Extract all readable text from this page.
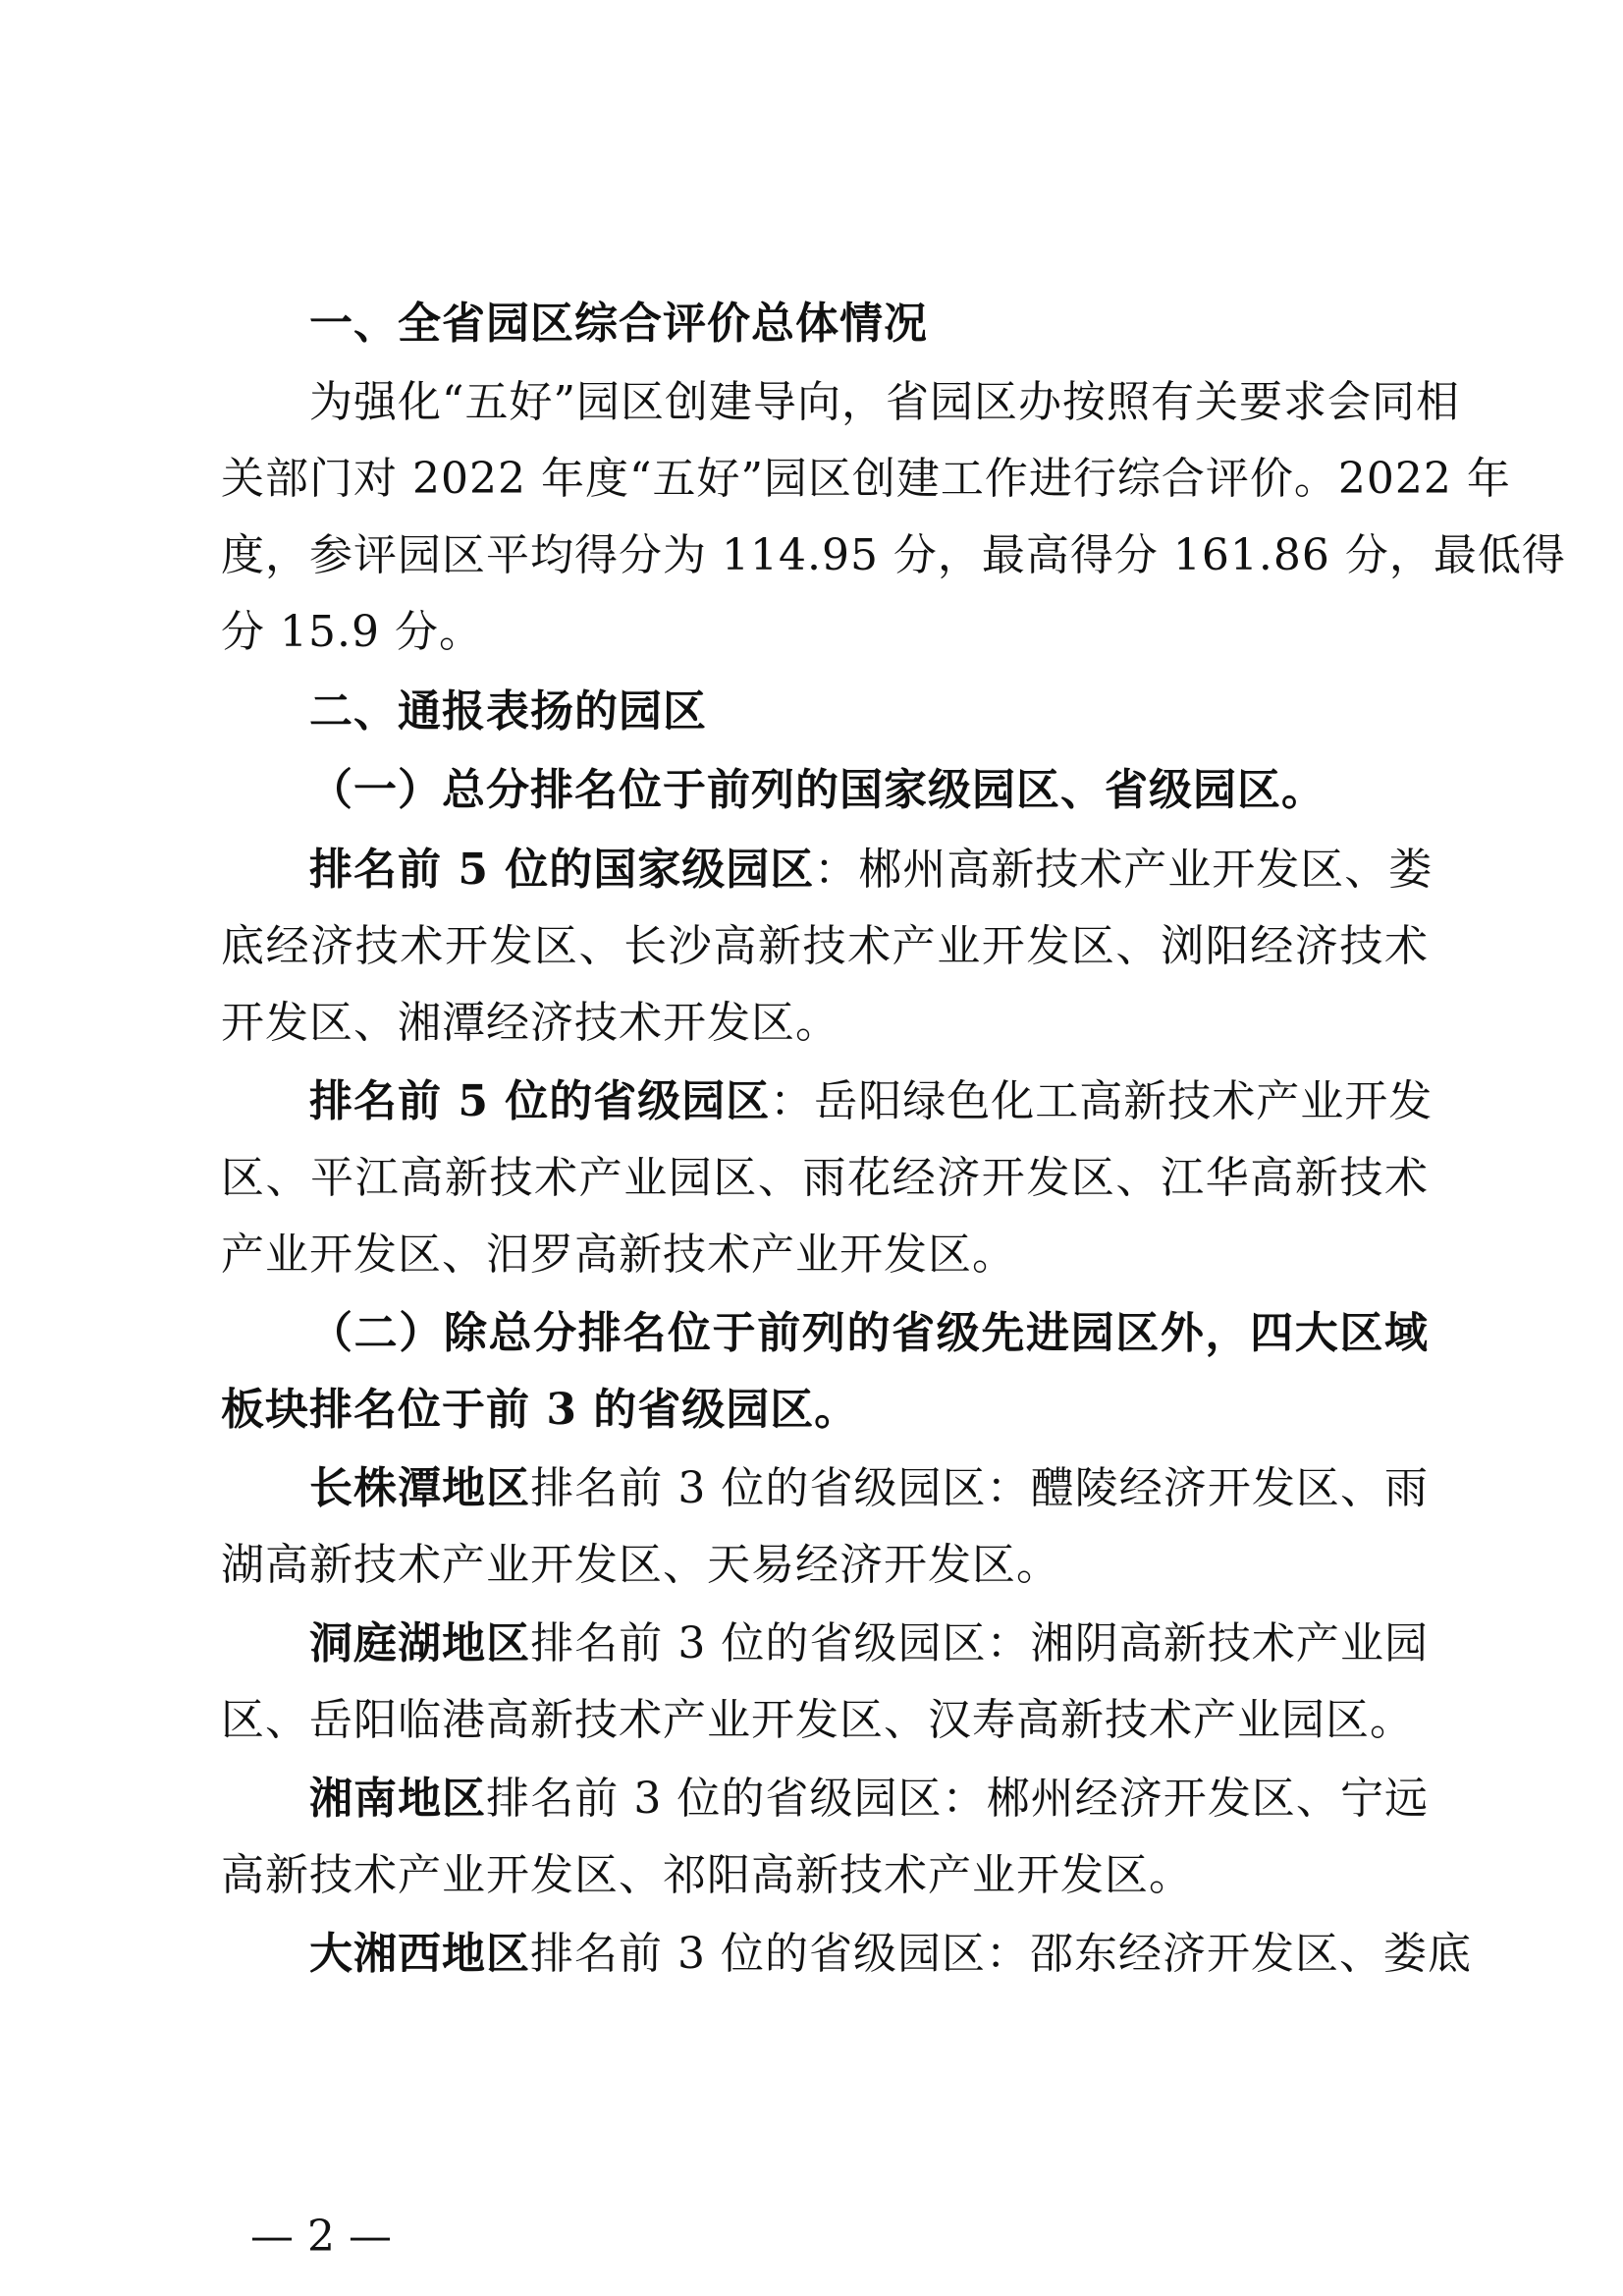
一、全省园区综合评价总体情况
为强化“五好”园区创建导向，省园区办按照有关要求会同相
关部门对 2022 年度“五好”园区创建工作进行综合评价。2022 年
度，参评园区平均得分为 114.95 分，最高得分 161.86 分，最低得
分 15.9 分。
二、通报表扬的园区
（一）总分排名位于前列的国家级园区、省级园区。
排名前 5 位的国家级园区：郴州高新技术产业开发区、娄
底经济技术开发区、长沙高新技术产业开发区、浏阳经济技术
开发区、湘潭经济技术开发区。
排名前 5 位的省级园区：岳阳绿色化工高新技术产业开发
区、平江高新技术产业园区、雨花经济开发区、江华高新技术
产业开发区、汨罗高新技术产业开发区。
（二）除总分排名位于前列的省级先进园区外，四大区域
板块排名位于前 3 的省级园区。
长株潭地区排名前 3 位的省级园区：醴陵经济开发区、雨
湖高新技术产业开发区、天易经济开发区。
洞庭湖地区排名前 3 位的省级园区：湘阴高新技术产业园
区、岳阳临港高新技术产业开发区、汉寿高新技术产业园区。
湘南地区排名前 3 位的省级园区：郴州经济开发区、宁远
高新技术产业开发区、祁阳高新技术产业开发区。
大湘西地区排名前 3 位的省级园区：邵东经济开发区、娄底
— 2 —
